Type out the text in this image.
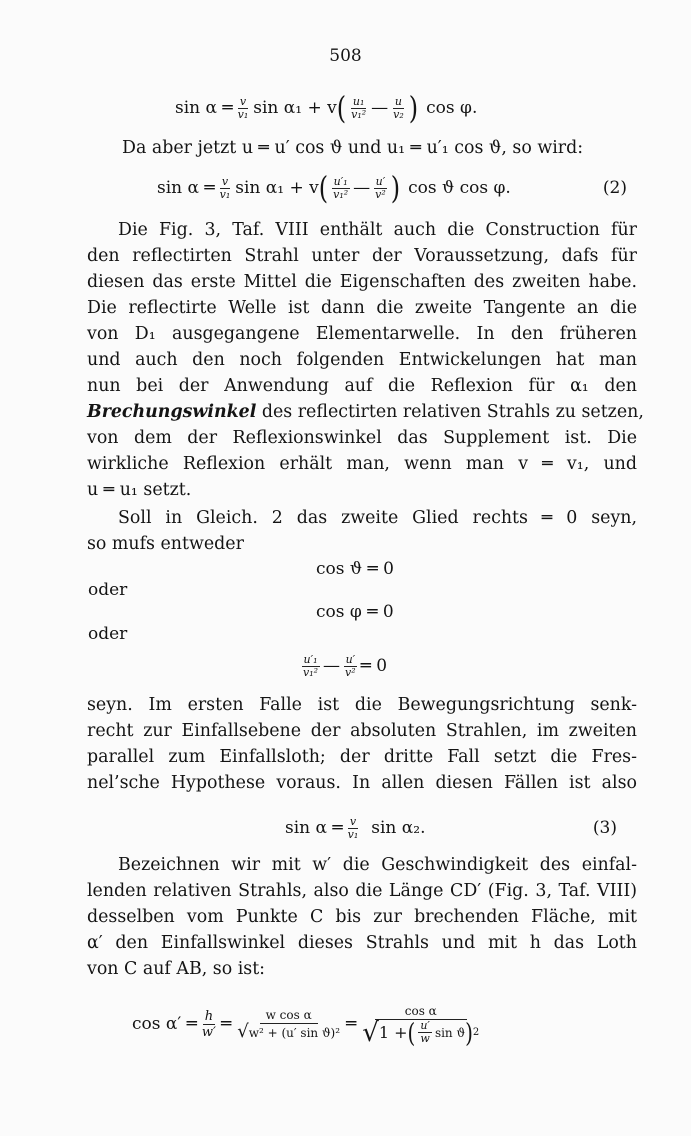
508
sin α ═ $\frac{v}{\text{v₁}}$ sin α₁ + v ( $\frac{\text{u₁}}{\text{v₁²}}$ — $\frac{u}{\text{v₂}}$ ) cos φ.
Da aber jetzt u ═ u′ cos ϑ und u₁ ═ u′₁ cos ϑ, so wird:
sin α ═ $\frac{v}{\text{v₁}}$ sin α₁ + v ( $\frac{\text{u′₁}}{\text{v₁²}}$ — $\frac{u'}{\text{v²}}$ ) cos ϑ cos φ.	(2)
Die Fig. 3, Taf. VIII enthält auch die Construction für
den reflectirten Strahl unter der Voraussetzung, dafs für
diesen das erste Mittel die Eigenschaften des zweiten habe.
Die reflectirte Welle ist dann die zweite Tangente an die
von D₁ ausgegangene Elementarwelle. In den früheren
und auch den noch folgenden Entwickelungen hat man
nun bei der Anwendung auf die Reflexion für α₁ den
Brechungswinkel des reflectirten relativen Strahls zu setzen,
von dem der Reflexionswinkel das Supplement ist. Die
wirkliche Reflexion erhält man, wenn man v ═ v₁, und
u ═ u₁ setzt.
Soll in Gleich. 2 das zweite Glied rechts ═ 0 seyn,
so mufs entweder
cos ϑ ═ 0
oder
cos φ ═ 0
oder
$\frac{\text{u′₁}}{\text{v₁²}}$ — $\frac{u'}{\text{v²}}$ ═ 0
seyn. Im ersten Falle ist die Bewegungsrichtung senk-
recht zur Einfallsebene der absoluten Strahlen, im zweiten
parallel zum Einfallsloth; der dritte Fall setzt die Fres-
nel’sche Hypothese voraus. In allen diesen Fällen ist also
sin α ═ $\frac{v}{\text{v₁}}$ sin α₂.	(3)
Bezeichnen wir mit w′ die Geschwindigkeit des einfal-
lenden relativen Strahls, also die Länge CD′ (Fig. 3, Taf. VIII)
desselben vom Punkte C bis zur brechenden Fläche, mit
α′ den Einfallswinkel dieses Strahls und mit h das Loth
von C auf AB, so ist:
cos α′ ═ $\frac{h}{w'}$ ═ $\frac{\text{w cos α}}{\text{√w² + (u′ sin ϑ)²}}$ ═ $\frac{\text{cos α}}{√ 1 + ( \frac{u'}{w} \sin ϑ ) 2}$
